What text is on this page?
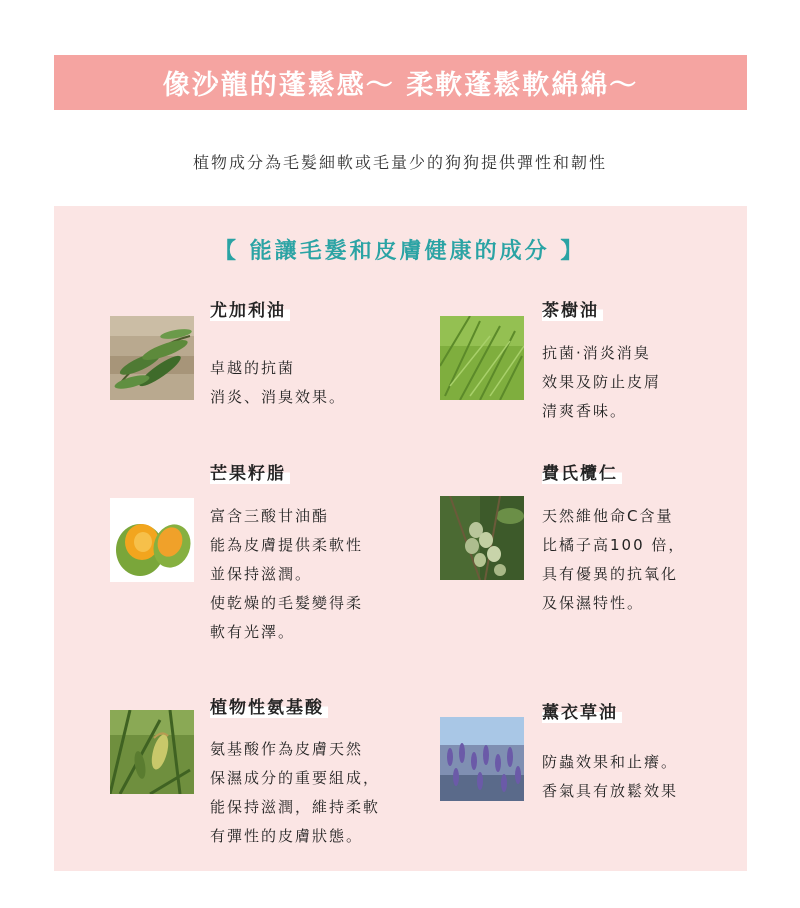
像沙龍的蓬鬆感～ 柔軟蓬鬆軟綿綿～
植物成分為毛髮細軟或毛量少的狗狗提供彈性和韌性
【 能讓毛髮和皮膚健康的成分 】
尤加利油
卓越的抗菌
消炎、消臭效果。
茶樹油
抗菌·消炎消臭
效果及防止皮屑
清爽香味。
芒果籽脂
富含三酸甘油酯
能為皮膚提供柔軟性
並保持滋潤。
使乾燥的毛髮變得柔
軟有光澤。
費氏欖仁
天然維他命C含量
比橘子高100 倍，
具有優異的抗氧化
及保濕特性。
植物性氨基酸
氨基酸作為皮膚天然
保濕成分的重要組成，
能保持滋潤，維持柔軟
有彈性的皮膚狀態。
薰衣草油
防蟲效果和止癢。
香氣具有放鬆效果
